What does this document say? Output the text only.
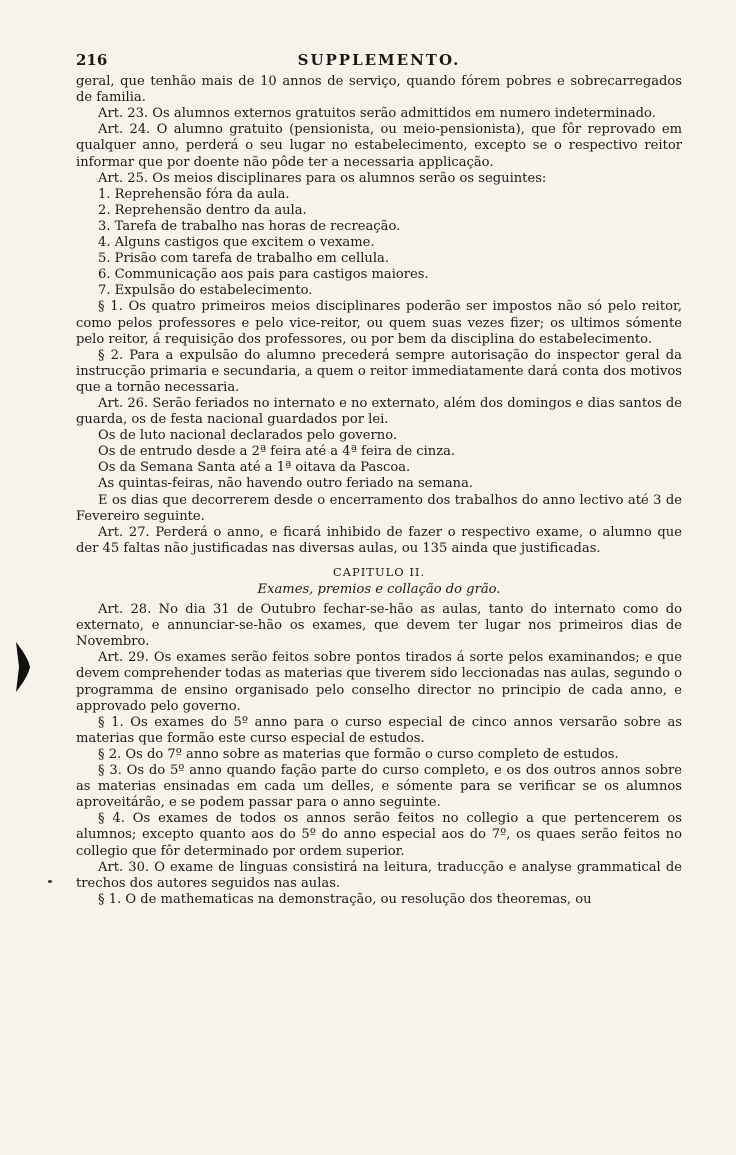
216	SUPPLEMENTO.

geral, que tenhão mais de 10 annos de serviço, quando fórem pobres e sobrecarregados de familia.

Art. 23. Os alumnos externos gratuitos serão admittidos em numero indeterminado.

Art. 24. O alumno gratuito (pensionista, ou meio-pensionista), que fôr reprovado em qualquer anno, perderá o seu lugar no estabelecimento, excepto se o respectivo reitor informar que por doente não pôde ter a necessaria applicação.

Art. 25. Os meios disciplinares para os alumnos serão os seguintes:

1. Reprehensão fóra da aula.

2. Reprehensão dentro da aula.

3. Tarefa de trabalho nas horas de recreação.

4. Alguns castigos que excitem o vexame.

5. Prisão com tarefa de trabalho em cellula.

6. Communicação aos pais para castigos maiores.

7. Expulsão do estabelecimento.

§ 1. Os quatro primeiros meios disciplinares poderão ser impostos não só pelo reitor, como pelos professores e pelo vice-reitor, ou quem suas vezes fizer; os ultimos sómente pelo reitor, á requisição dos professores, ou por bem da disciplina do estabelecimento.

§ 2. Para a expulsão do alumno precederá sempre autorisação do inspector geral da instrucção primaria e secundaria, a quem o reitor immediatamente dará conta dos motivos que a tornão necessaria.

Art. 26. Serão feriados no internato e no externato, além dos domingos e dias santos de guarda, os de festa nacional guardados por lei.

Os de luto nacional declarados pelo governo.

Os de entrudo desde a 2ª feira até a 4ª feira de cinza.

Os da Semana Santa até a 1ª oitava da Pascoa.

As quintas-feiras, não havendo outro feriado na semana.

E os dias que decorrerem desde o encerramento dos trabalhos do anno lectivo até 3 de Fevereiro seguinte.

Art. 27. Perderá o anno, e ficará inhibido de fazer o respectivo exame, o alumno que der 45 faltas não justificadas nas diversas aulas, ou 135 ainda que justificadas.

CAPITULO II.
Exames, premios e collação do grão.

Art. 28. No dia 31 de Outubro fechar-se-hão as aulas, tanto do internato como do externato, e annunciar-se-hão os exames, que devem ter lugar nos primeiros dias de Novembro.

Art. 29. Os exames serão feitos sobre pontos tirados á sorte pelos examinandos; e que devem comprehender todas as materias que tiverem sido leccionadas nas aulas, segundo o programma de ensino organisado pelo conselho director no principio de cada anno, e approvado pelo governo.

§ 1. Os exames do 5º anno para o curso especial de cinco annos versarão sobre as materias que formão este curso especial de estudos.

§ 2. Os do 7º anno sobre as materias que formão o curso completo de estudos.

§ 3. Os do 5º anno quando fação parte do curso completo, e os dos outros annos sobre as materias ensinadas em cada um delles, e sómente para se verificar se os alumnos aproveitárão, e se podem passar para o anno seguinte.

§ 4. Os exames de todos os annos serão feitos no collegio a que pertencerem os alumnos; excepto quanto aos do 5º do anno especial aos do 7º, os quaes serão feitos no collegio que fôr determinado por ordem superior.

Art. 30. O exame de linguas consistirá na leitura, traducção e analyse grammatical de trechos dos autores seguidos nas aulas.

§ 1. O de mathematicas na demonstração, ou resolução dos theoremas, ou
